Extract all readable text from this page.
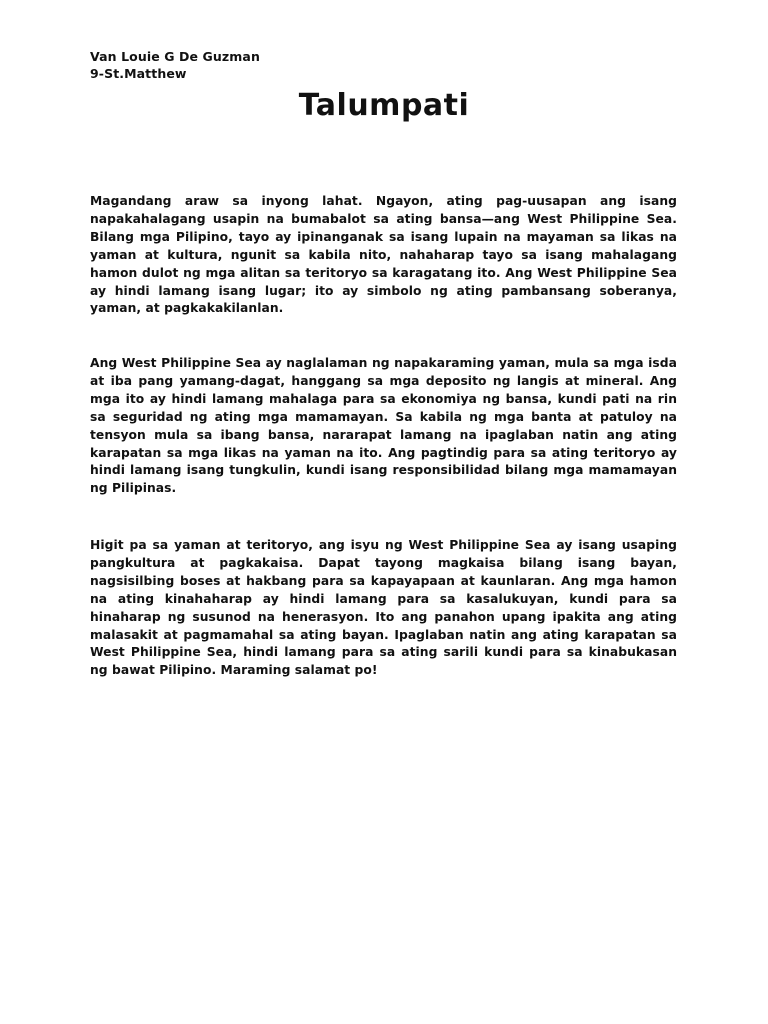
Van Louie G De Guzman
9-St.Matthew
Talumpati

Magandang araw sa inyong lahat. Ngayon, ating pag-uusapan ang isang napakahalagang usapin na bumabalot sa ating bansa—ang West Philippine Sea. Bilang mga Pilipino, tayo ay ipinanganak sa isang lupain na mayaman sa likas na yaman at kultura, ngunit sa kabila nito, nahaharap tayo sa isang mahalagang hamon dulot ng mga alitan sa teritoryo sa karagatang ito. Ang West Philippine Sea ay hindi lamang isang lugar; ito ay simbolo ng ating pambansang soberanya, yaman, at pagkakakilanlan.

Ang West Philippine Sea ay naglalaman ng napakaraming yaman, mula sa mga isda at iba pang yamang-dagat, hanggang sa mga deposito ng langis at mineral. Ang mga ito ay hindi lamang mahalaga para sa ekonomiya ng bansa, kundi pati na rin sa seguridad ng ating mga mamamayan. Sa kabila ng mga banta at patuloy na tensyon mula sa ibang bansa, nararapat lamang na ipaglaban natin ang ating karapatan sa mga likas na yaman na ito. Ang pagtindig para sa ating teritoryo ay hindi lamang isang tungkulin, kundi isang responsibilidad bilang mga mamamayan ng Pilipinas.

Higit pa sa yaman at teritoryo, ang isyu ng West Philippine Sea ay isang usaping pangkultura at pagkakaisa. Dapat tayong magkaisa bilang isang bayan, nagsisilbing boses at hakbang para sa kapayapaan at kaunlaran. Ang mga hamon na ating kinahaharap ay hindi lamang para sa kasalukuyan, kundi para sa hinaharap ng susunod na henerasyon. Ito ang panahon upang ipakita ang ating malasakit at pagmamahal sa ating bayan. Ipaglaban natin ang ating karapatan sa West Philippine Sea, hindi lamang para sa ating sarili kundi para sa kinabukasan ng bawat Pilipino. Maraming salamat po!
